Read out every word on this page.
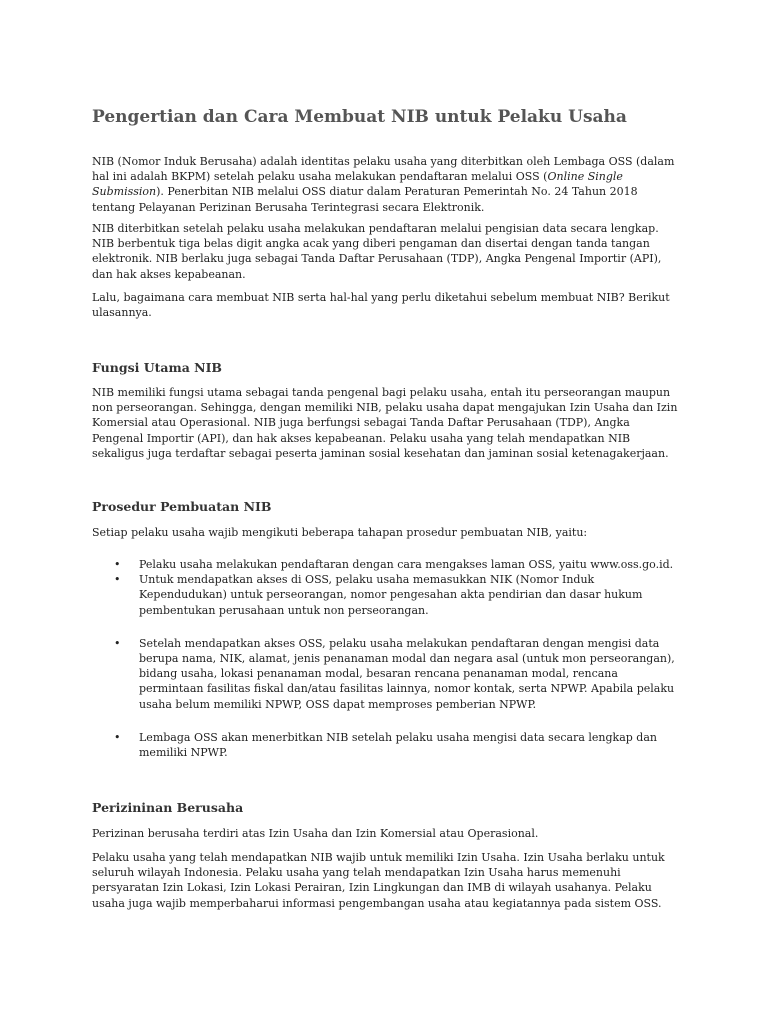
Pengertian dan Cara Membuat NIB untuk Pelaku Usaha

NIB (Nomor Induk Berusaha) adalah identitas pelaku usaha yang diterbitkan oleh Lembaga OSS (dalam hal ini adalah BKPM) setelah pelaku usaha melakukan pendaftaran melalui OSS (Online Single Submission). Penerbitan NIB melalui OSS diatur dalam Peraturan Pemerintah No. 24 Tahun 2018 tentang Pelayanan Perizinan Berusaha Terintegrasi secara Elektronik.

NIB diterbitkan setelah pelaku usaha melakukan pendaftaran melalui pengisian data secara lengkap. NIB berbentuk tiga belas digit angka acak yang diberi pengaman dan disertai dengan tanda tangan elektronik. NIB berlaku juga sebagai Tanda Daftar Perusahaan (TDP), Angka Pengenal Importir (API), dan hak akses kepabeanan.

Lalu, bagaimana cara membuat NIB serta hal-hal yang perlu diketahui sebelum membuat NIB? Berikut ulasannya.

Fungsi Utama NIB

NIB memiliki fungsi utama sebagai tanda pengenal bagi pelaku usaha, entah itu perseorangan maupun non perseorangan. Sehingga, dengan memiliki NIB, pelaku usaha dapat mengajukan Izin Usaha dan Izin Komersial atau Operasional. NIB juga berfungsi sebagai Tanda Daftar Perusahaan (TDP), Angka Pengenal Importir (API), dan hak akses kepabeanan. Pelaku usaha yang telah mendapatkan NIB sekaligus juga terdaftar sebagai peserta jaminan sosial kesehatan dan jaminan sosial ketenagakerjaan.

Prosedur Pembuatan NIB

Setiap pelaku usaha wajib mengikuti beberapa tahapan prosedur pembuatan NIB, yaitu:

• Pelaku usaha melakukan pendaftaran dengan cara mengakses laman OSS, yaitu www.oss.go.id.
• Untuk mendapatkan akses di OSS, pelaku usaha memasukkan NIK (Nomor Induk Kependudukan) untuk perseorangan, nomor pengesahan akta pendirian dan dasar hukum pembentukan perusahaan untuk non perseorangan.
• Setelah mendapatkan akses OSS, pelaku usaha melakukan pendaftaran dengan mengisi data berupa nama, NIK, alamat, jenis penanaman modal dan negara asal (untuk mon perseorangan), bidang usaha, lokasi penanaman modal, besaran rencana penanaman modal, rencana permintaan fasilitas fiskal dan/atau fasilitas lainnya, nomor kontak, serta NPWP. Apabila pelaku usaha belum memiliki NPWP, OSS dapat memproses pemberian NPWP.
• Lembaga OSS akan menerbitkan NIB setelah pelaku usaha mengisi data secara lengkap dan memiliki NPWP.
Perizininan Berusaha

Perizinan berusaha terdiri atas Izin Usaha dan Izin Komersial atau Operasional.

Pelaku usaha yang telah mendapatkan NIB wajib untuk memiliki Izin Usaha. Izin Usaha berlaku untuk seluruh wilayah Indonesia. Pelaku usaha yang telah mendapatkan Izin Usaha harus memenuhi persyaratan Izin Lokasi, Izin Lokasi Perairan, Izin Lingkungan dan IMB di wilayah usahanya. Pelaku usaha juga wajib memperbaharui informasi pengembangan usaha atau kegiatannya pada sistem OSS.
